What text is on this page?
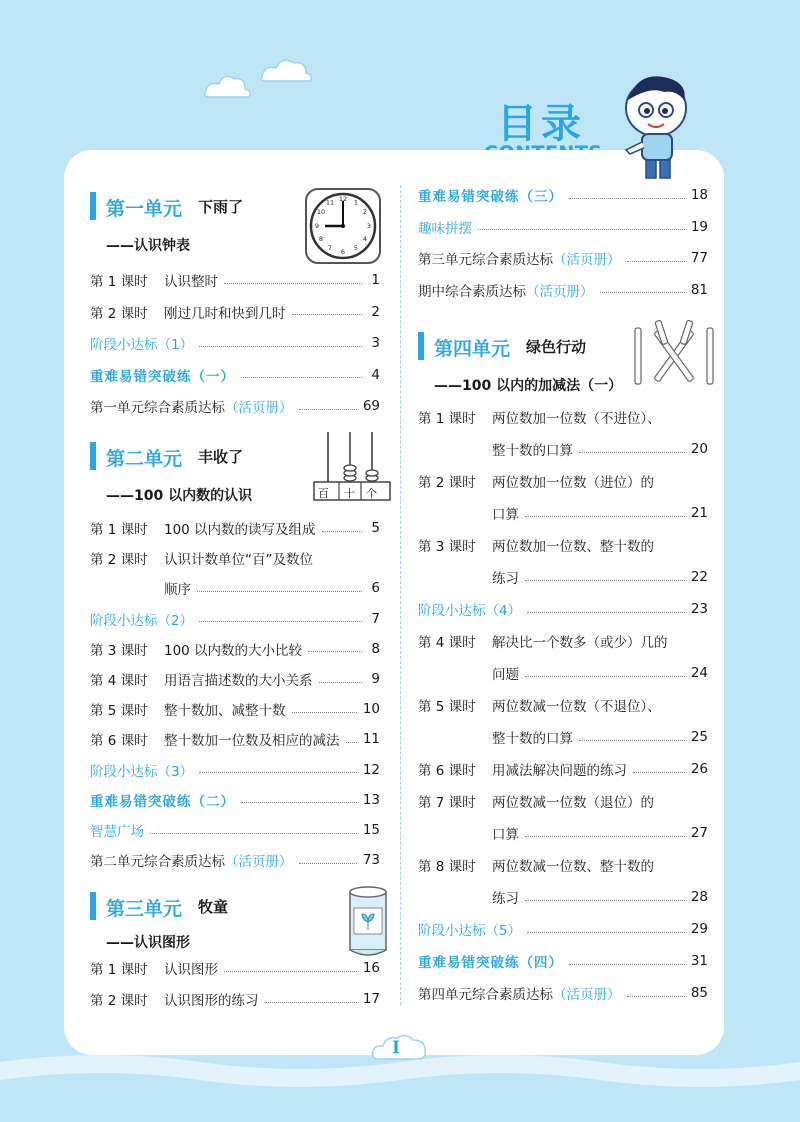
目录
I
第一单元 下雨了
——认识钟表
12 1
2
3
4
5
6
7
8
9
10
11
第 1 课时	认识整时	1
第 2 课时	刚过几时和快到几时	2
阶段小达标（1）	3
重难易错突破练（一）	4
第一单元综合素质达标 （活页册）	69
第二单元 丰收了
——100 以内数的认识	百 十 个
第 1 课时	100 以内数的读写及组成	5
第 2 课时	认识计数单位“百”及数位
顺序	6
阶段小达标（2）	7
第 3 课时	100 以内数的大小比较	8
第 4 课时	用语言描述数的大小关系	9
第 5 课时	整十数加、减整十数	10
第 6 课时	整十数加一位数及相应的减法 11
阶段小达标（3）	12
重难易错突破练（二）	13
智慧广场	15
第二单元综合素质达标 （活页册）	73
第三单元 牧童
——认识图形
第 1 课时	认识图形	16
第 2 课时	认识图形的练习	17
重难易错突破练（三）	18
趣味拼摆	19
第三单元综合素质达标 （活页册）	77
期中综合素质达标 （活页册）	81
第四单元 绿色行动
——100 以内的加减法（一）
第 1 课时	两位数加一位数（不进位）、
整十数的口算	20
第 2 课时	两位数加一位数（进位）的
口算	21
第 3 课时	两位数加一位数、整十数的
练习	22
阶段小达标（4）	23
第 4 课时	解决比一个数多（或少）几的
问题	24
第 5 课时	两位数减一位数（不退位）、
整十数的口算	25
第 6 课时	用减法解决问题的练习	26
第 7 课时	两位数减一位数（退位）的
口算	27
第 8 课时	两位数减一位数、整十数的
练习	28
阶段小达标（5）	29
重难易错突破练（四）	31
第四单元综合素质达标 （活页册）	85
